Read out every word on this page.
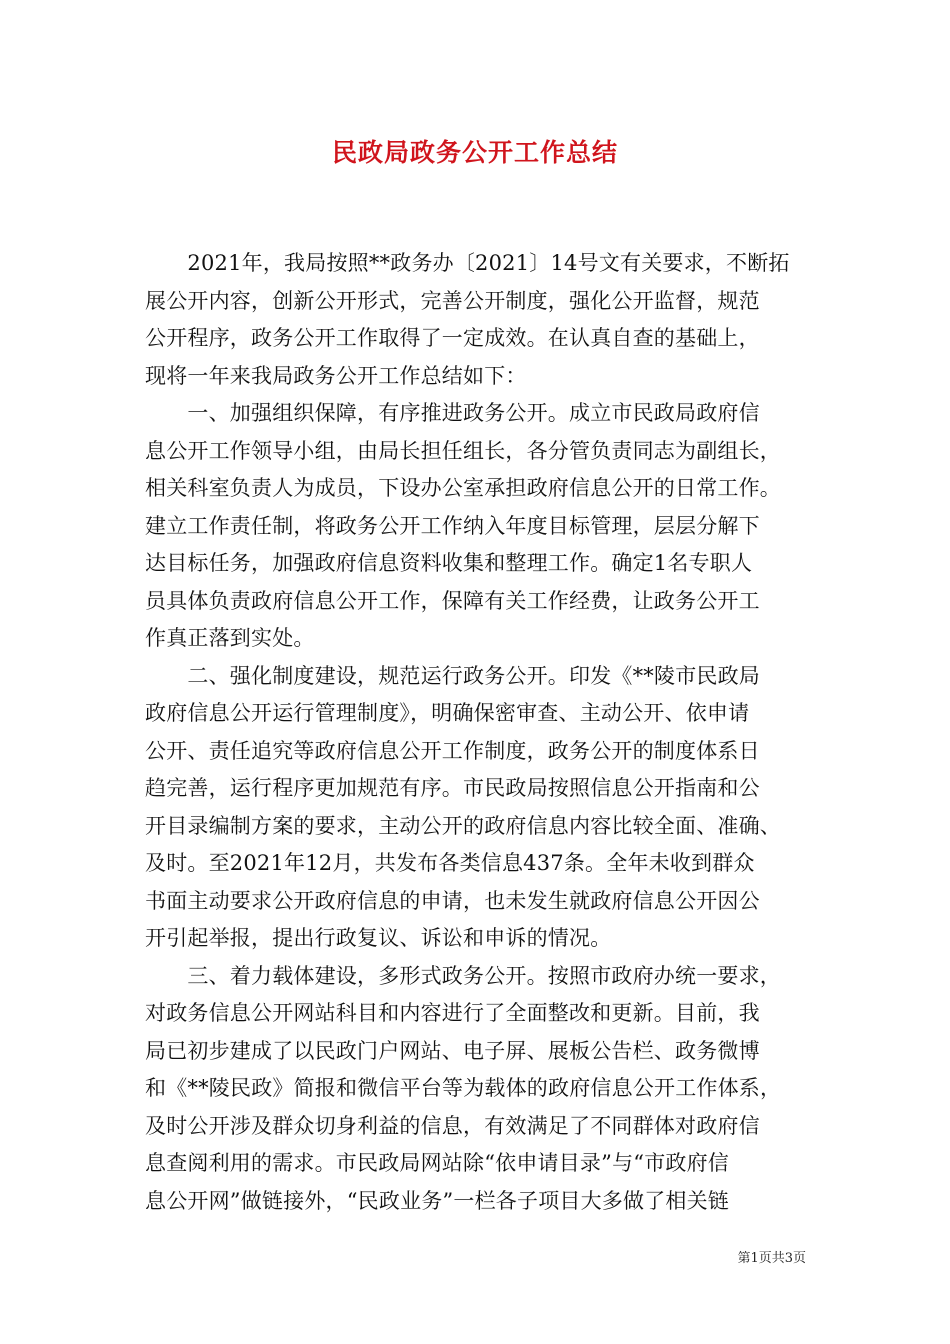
民政局政务公开工作总结
　　2021年，我局按照**政务办〔2021〕14号文有关要求，不断拓
展公开内容，创新公开形式，完善公开制度，强化公开监督，规范
公开程序，政务公开工作取得了一定成效。在认真自查的基础上，
现将一年来我局政务公开工作总结如下：
　　一、加强组织保障，有序推进政务公开。成立市民政局政府信
息公开工作领导小组，由局长担任组长，各分管负责同志为副组长，
相关科室负责人为成员，下设办公室承担政府信息公开的日常工作。
建立工作责任制，将政务公开工作纳入年度目标管理，层层分解下
达目标任务，加强政府信息资料收集和整理工作。确定1名专职人
员具体负责政府信息公开工作，保障有关工作经费，让政务公开工
作真正落到实处。
　　二、强化制度建设，规范运行政务公开。印发《**陵市民政局
政府信息公开运行管理制度》，明确保密审查、主动公开、依申请
公开、责任追究等政府信息公开工作制度，政务公开的制度体系日
趋完善，运行程序更加规范有序。市民政局按照信息公开指南和公
开目录编制方案的要求，主动公开的政府信息内容比较全面、准确、
及时。至2021年12月，共发布各类信息437条。全年未收到群众
书面主动要求公开政府信息的申请，也未发生就政府信息公开因公
开引起举报，提出行政复议、诉讼和申诉的情况。
　　三、着力载体建设，多形式政务公开。按照市政府办统一要求，
对政务信息公开网站科目和内容进行了全面整改和更新。目前，我
局已初步建成了以民政门户网站、电子屏、展板公告栏、政务微博
和《**陵民政》简报和微信平台等为载体的政府信息公开工作体系，
及时公开涉及群众切身利益的信息，有效满足了不同群体对政府信
息查阅利用的需求。市民政局网站除“依申请目录”与“市政府信
息公开网”做链接外，“民政业务”一栏各子项目大多做了相关链
第1页共3页
